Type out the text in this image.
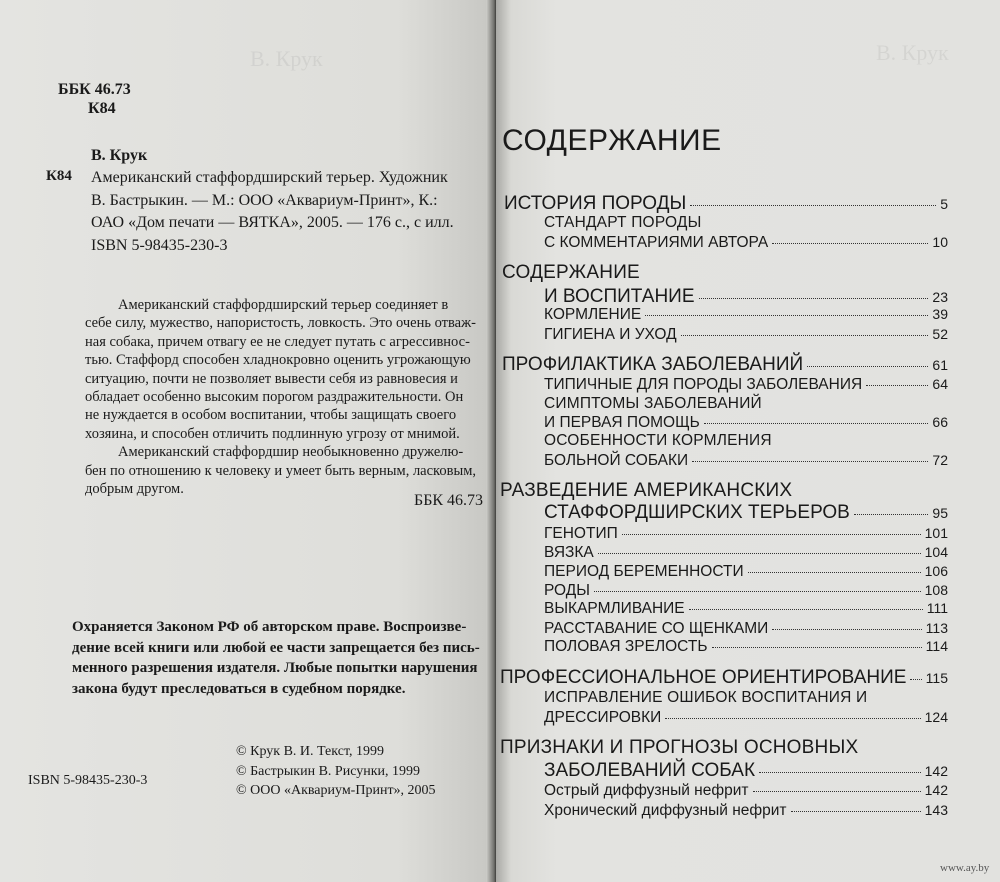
В. Крук
ББК 46.73
К84
В. Крук
К84 Американский стаффордширский терьер. Художник
В. Бастрыкин. — М.: ООО «Аквариум-Принт», К.:
ОАО «Дом печати — ВЯТКА», 2005. — 176 с., с илл.
ISBN 5-98435-230-3
Американский стаффордширский терьер соединяет в
себе силу, мужество, напористость, ловкость. Это очень отваж-
ная собака, причем отвагу ее не следует путать с агрессивнос-
тью. Стаффорд способен хладнокровно оценить угрожающую
ситуацию, почти не позволяет вывести себя из равновесия и
обладает особенно высоким порогом раздражительности. Он
не нуждается в особом воспитании, чтобы защищать своего
хозяина, и способен отличить подлинную угрозу от мнимой.
Американский стаффордшир необыкновенно дружелю-
бен по отношению к человеку и умеет быть верным, ласковым,
добрым другом.
ББК 46.73
Охраняется Законом РФ об авторском праве. Воспроизве-
дение всей книги или любой ее части запрещается без пись-
менного разрешения издателя. Любые попытки нарушения
закона будут преследоваться в судебном порядке.
ISBN 5-98435-230-3
© Крук В. И. Текст, 1999
© Бастрыкин В. Рисунки, 1999
© ООО «Аквариум-Принт», 2005
В. Крук
СОДЕРЖАНИЕ
ИСТОРИЯ ПОРОДЫ	5
СТАНДАРТ ПОРОДЫ
С КОММЕНТАРИЯМИ АВТОРА	10
СОДЕРЖАНИЕ
И ВОСПИТАНИЕ	23
КОРМЛЕНИЕ	39
ГИГИЕНА И УХОД	52
ПРОФИЛАКТИКА ЗАБОЛЕВАНИЙ	61
ТИПИЧНЫЕ ДЛЯ ПОРОДЫ ЗАБОЛЕВАНИЯ	64
СИМПТОМЫ ЗАБОЛЕВАНИЙ
И ПЕРВАЯ ПОМОЩЬ	66
ОСОБЕННОСТИ КОРМЛЕНИЯ
БОЛЬНОЙ СОБАКИ	72
РАЗВЕДЕНИЕ АМЕРИКАНСКИХ
СТАФФОРДШИРСКИХ ТЕРЬЕРОВ	95
ГЕНОТИП	101
ВЯЗКА	104
ПЕРИОД БЕРЕМЕННОСТИ	106
РОДЫ	108
ВЫКАРМЛИВАНИЕ	111
РАССТАВАНИЕ СО ЩЕНКАМИ	113
ПОЛОВАЯ ЗРЕЛОСТЬ	114
ПРОФЕССИОНАЛЬНОЕ ОРИЕНТИРОВАНИЕ 115
ИСПРАВЛЕНИЕ ОШИБОК ВОСПИТАНИЯ И
ДРЕССИРОВКИ	124
ПРИЗНАКИ И ПРОГНОЗЫ ОСНОВНЫХ
ЗАБОЛЕВАНИЙ СОБАК	142
Острый диффузный нефрит	142
Хронический диффузный нефрит	143
www.ay.by
